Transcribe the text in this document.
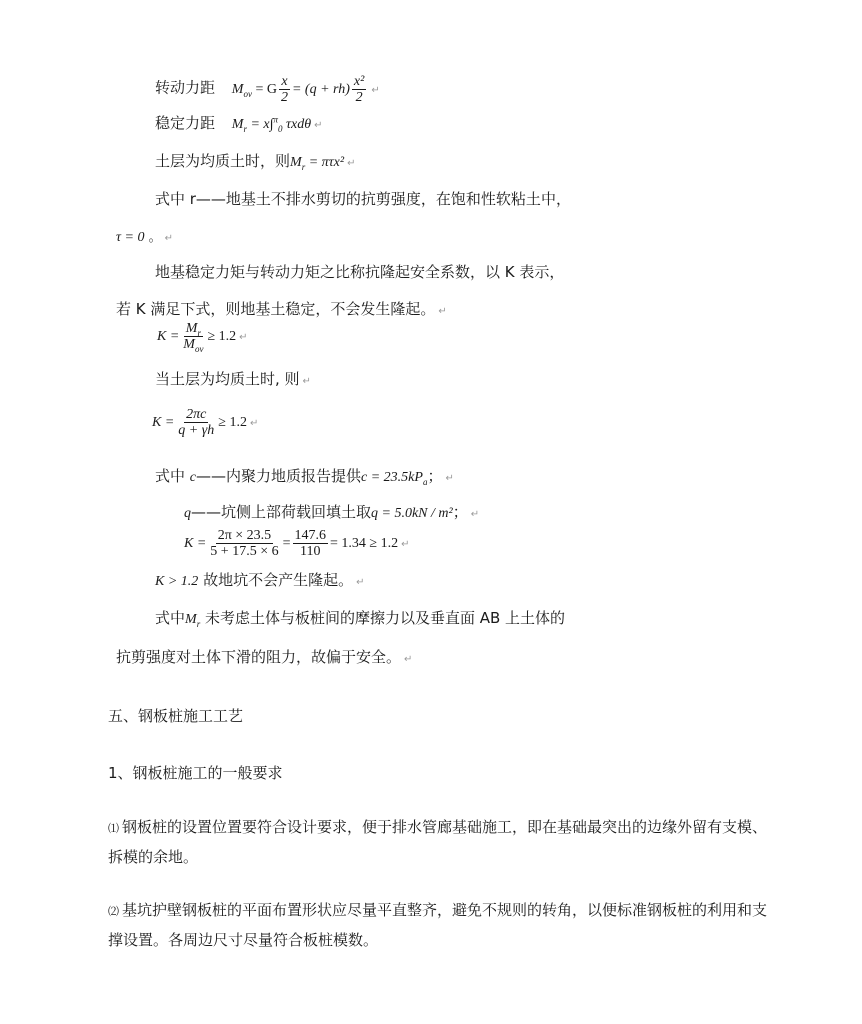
转动力距 $M_{ov} = G \frac{x}{2} = (q + rh) \frac{\text{x²}}{2}$ ↵
稳定力距 $M_r = x\int^\pi_0$ τxdθ ↵
土层为均质土时，则$M_r = \pi\tau x^2$ ↵
式中 r——地基土不排水剪切的抗剪强度，在饱和性软粘土中，
τ = 0 。 ↵
地基稳定力矩与转动力矩之比称抗隆起安全系数，以 K 表示，
若 K 满足下式，则地基土稳定，不会发生隆起。 ↵
$K = \frac{M_r}{M_{ov}} \ge 1.2$ ↵
当土层为均质土时, 则 ↵
$K = \frac{2\pi c}{q + \gamma h} \ge 1.2$ ↵
式中 c——内聚力地质报告提供$c = 23.5kP_a$； ↵
q——坑侧上部荷载回填土取q = 5.0kN / m²； ↵
$K = \frac{2\pi \times 23.5}{5 + 17.5 \times 6} = \frac{147.6}{110} = 1.34 \ge 1.2$ ↵
K > 1.2 故地坑不会产生隆起。 ↵
式中$M_r$ 未考虑土体与板桩间的摩擦力以及垂直面 AB 上土体的
抗剪强度对土体下滑的阻力，故偏于安全。 ↵
五、钢板桩施工工艺
1、钢板桩施工的一般要求
⑴ 钢板桩的设置位置要符合设计要求，便于排水管廊基础施工，即在基础最突出的边缘外留有支模、拆模的余地。
⑵ 基坑护壁钢板桩的平面布置形状应尽量平直整齐，避免不规则的转角，以便标准钢板桩的利用和支撑设置。各周边尺寸尽量符合板桩模数。
